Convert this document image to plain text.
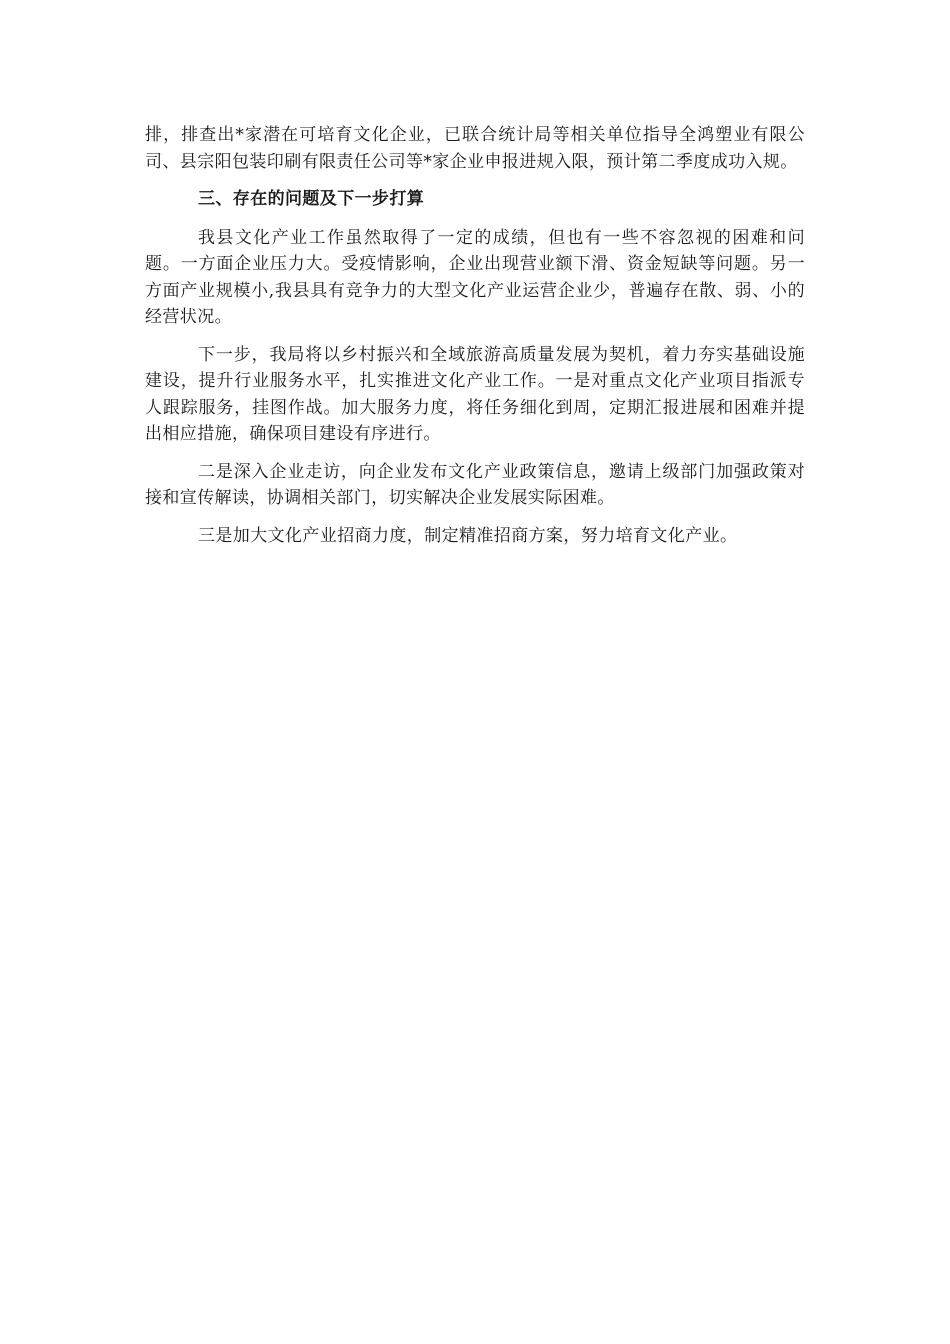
排，排查出*家潜在可培育文化企业，已联合统计局等相关单位指导全鸿塑业有限公司、县宗阳包装印刷有限责任公司等*家企业申报进规入限，预计第二季度成功入规。

三、存在的问题及下一步打算

我县文化产业工作虽然取得了一定的成绩，但也有一些不容忽视的困难和问题。一方面企业压力大。受疫情影响，企业出现营业额下滑、资金短缺等问题。另一方面产业规模小,我县具有竞争力的大型文化产业运营企业少，普遍存在散、弱、小的经营状况。

下一步，我局将以乡村振兴和全域旅游高质量发展为契机，着力夯实基础设施建设，提升行业服务水平，扎实推进文化产业工作。一是对重点文化产业项目指派专人跟踪服务，挂图作战。加大服务力度，将任务细化到周，定期汇报进展和困难并提出相应措施，确保项目建设有序进行。

二是深入企业走访，向企业发布文化产业政策信息，邀请上级部门加强政策对接和宣传解读，协调相关部门，切实解决企业发展实际困难。

三是加大文化产业招商力度，制定精准招商方案，努力培育文化产业。
